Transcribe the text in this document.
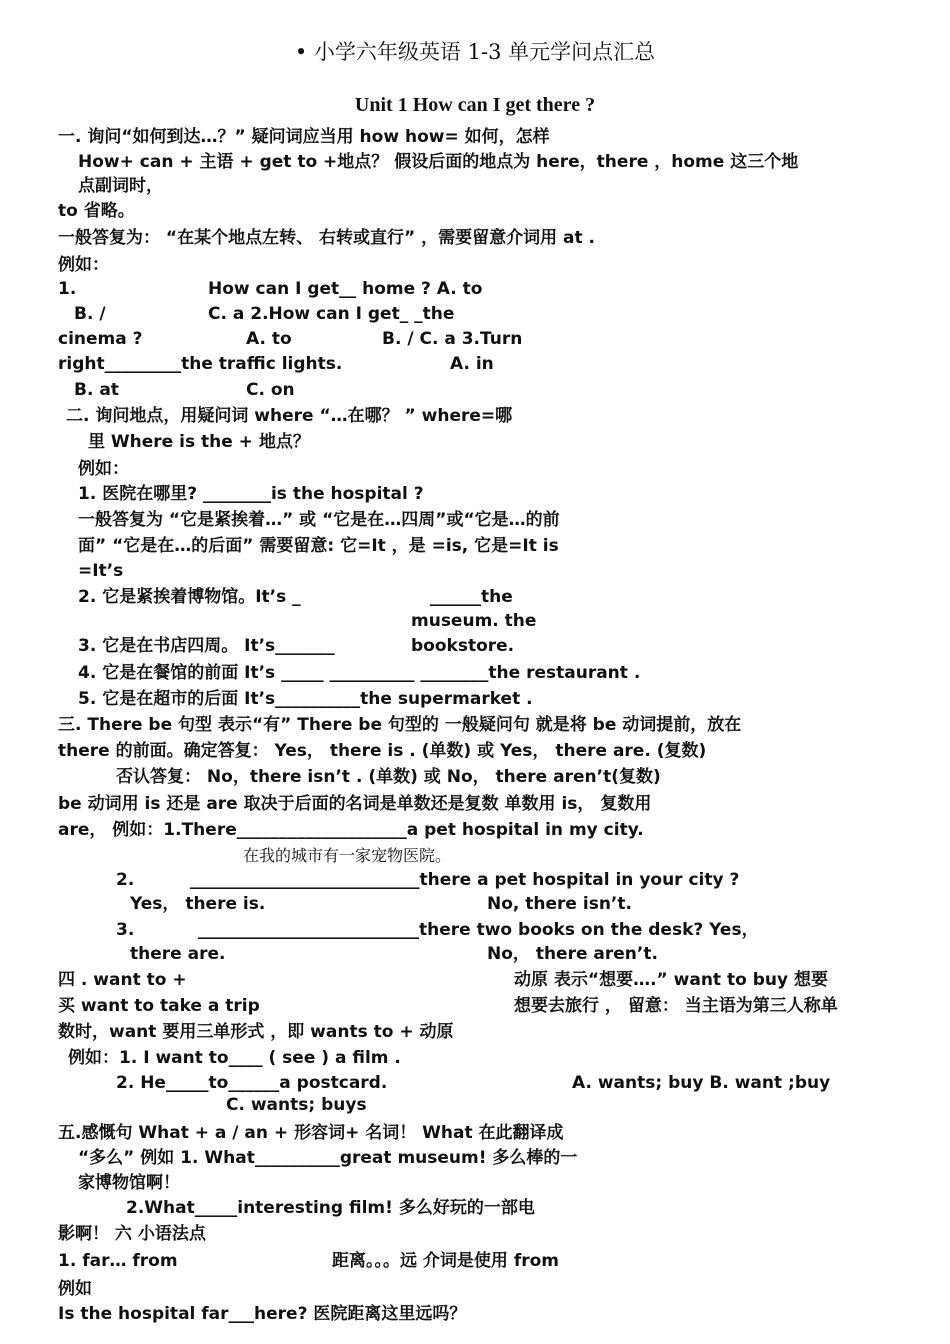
• 小学六年级英语 1-3 单元学问点汇总
Unit 1 How can I get there ?
一. 询问“如何到达…？” 疑问词应当用 how how= 如何，怎样
How+ can + 主语 + get to +地点？ 假设后面的地点为 here，there ，home 这三个地
点副词时，
to 省略。
一般答复为： “在某个地点左转、 右转或直行” ，需要留意介词用 at .
例如：
1.	How can I get__ home ? A. to
B. /	C. a 2.How can I get_ _the
cinema ?	A. to	B. / C. a 3.Turn
right_________the traffic lights.	A. in
B. at	C. on
二. 询问地点，用疑问词 where “…在哪？ ” where=哪
里 Where is the + 地点？
例如：
1. 医院在哪里? ________is the hospital ?
一般答复为 “它是紧挨着…” 或 “它是在…四周”或“它是…的前
面” “它是在…的后面” 需要留意: 它=It ，是 =is, 它是=It is
=It’s
2. 它是紧挨着博物馆。It’s _	______the
museum. the
3. 它是在书店四周。 It’s_______	bookstore.
4. 它是在餐馆的前面 It’s _____ __________ ________the restaurant .
5. 它是在超市的后面 It’s__________the supermarket .
三. There be 句型 表示“有” There be 句型的 一般疑问句 就是将 be 动词提前，放在
there 的前面。确定答复： Yes， there is . (单数) 或 Yes， there are. (复数)
否认答复： No，there isn’t . (单数) 或 No， there aren’t(复数)
be 动词用 is 还是 are 取决于后面的名词是单数还是复数 单数用 is， 复数用
are， 例如：1.There____________________a pet hospital in my city.
在我的城市有一家宠物医院。
2.	___________________________there a pet hospital in your city ?
Yes， there is.	No, there isn’t.
3.	__________________________there two books on the desk? Yes，
there are.	No， there aren’t.
四 . want to +	动原 表示“想要….” want to buy 想要
买 want to take a trip	想要去旅行 ， 留意： 当主语为第三人称单
数时，want 要用三单形式 ，即 wants to + 动原
例如：1. I want to____ ( see ) a film .
2. He_____to______a postcard.	A. wants; buy B. want ;buy
C. wants; buys
五.感慨句 What + a / an + 形容词+ 名词！ What 在此翻译成
“多么” 例如 1. What__________great museum! 多么棒的一
家博物馆啊！
2.What_____interesting film! 多么好玩的一部电
影啊！ 六 小语法点
1. far… from	距离。。。远 介词是使用 from
例如
Is the hospital far___here? 医院距离这里远吗？
